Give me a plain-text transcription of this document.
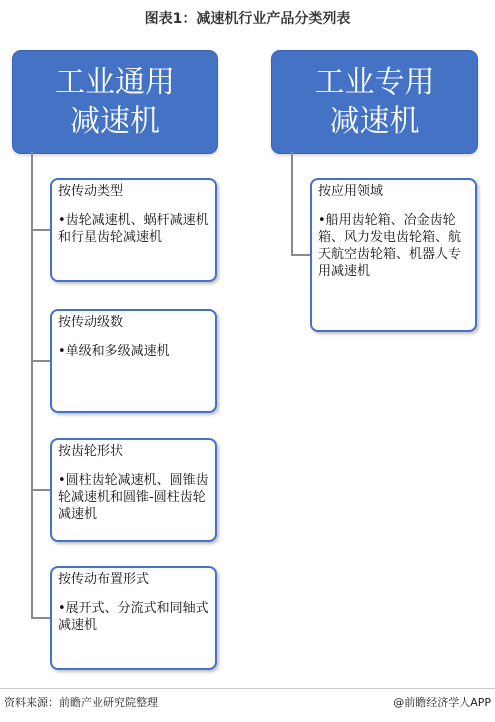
图表1：减速机行业产品分类列表
工业通用
减速机
工业专用
减速机
按传动类型
•齿轮减速机、蜗杆减速机和行星齿轮减速机
按传动级数
•单级和多级减速机
按齿轮形状
•圆柱齿轮减速机、圆锥齿轮减速机和圆锥-圆柱齿轮减速机
按传动布置形式
•展开式、分流式和同轴式减速机
按应用领域
•船用齿轮箱、冶金齿轮箱、风力发电齿轮箱、航天航空齿轮箱、机器人专用减速机
资料来源：前瞻产业研究院整理	@前瞻经济学人APP
